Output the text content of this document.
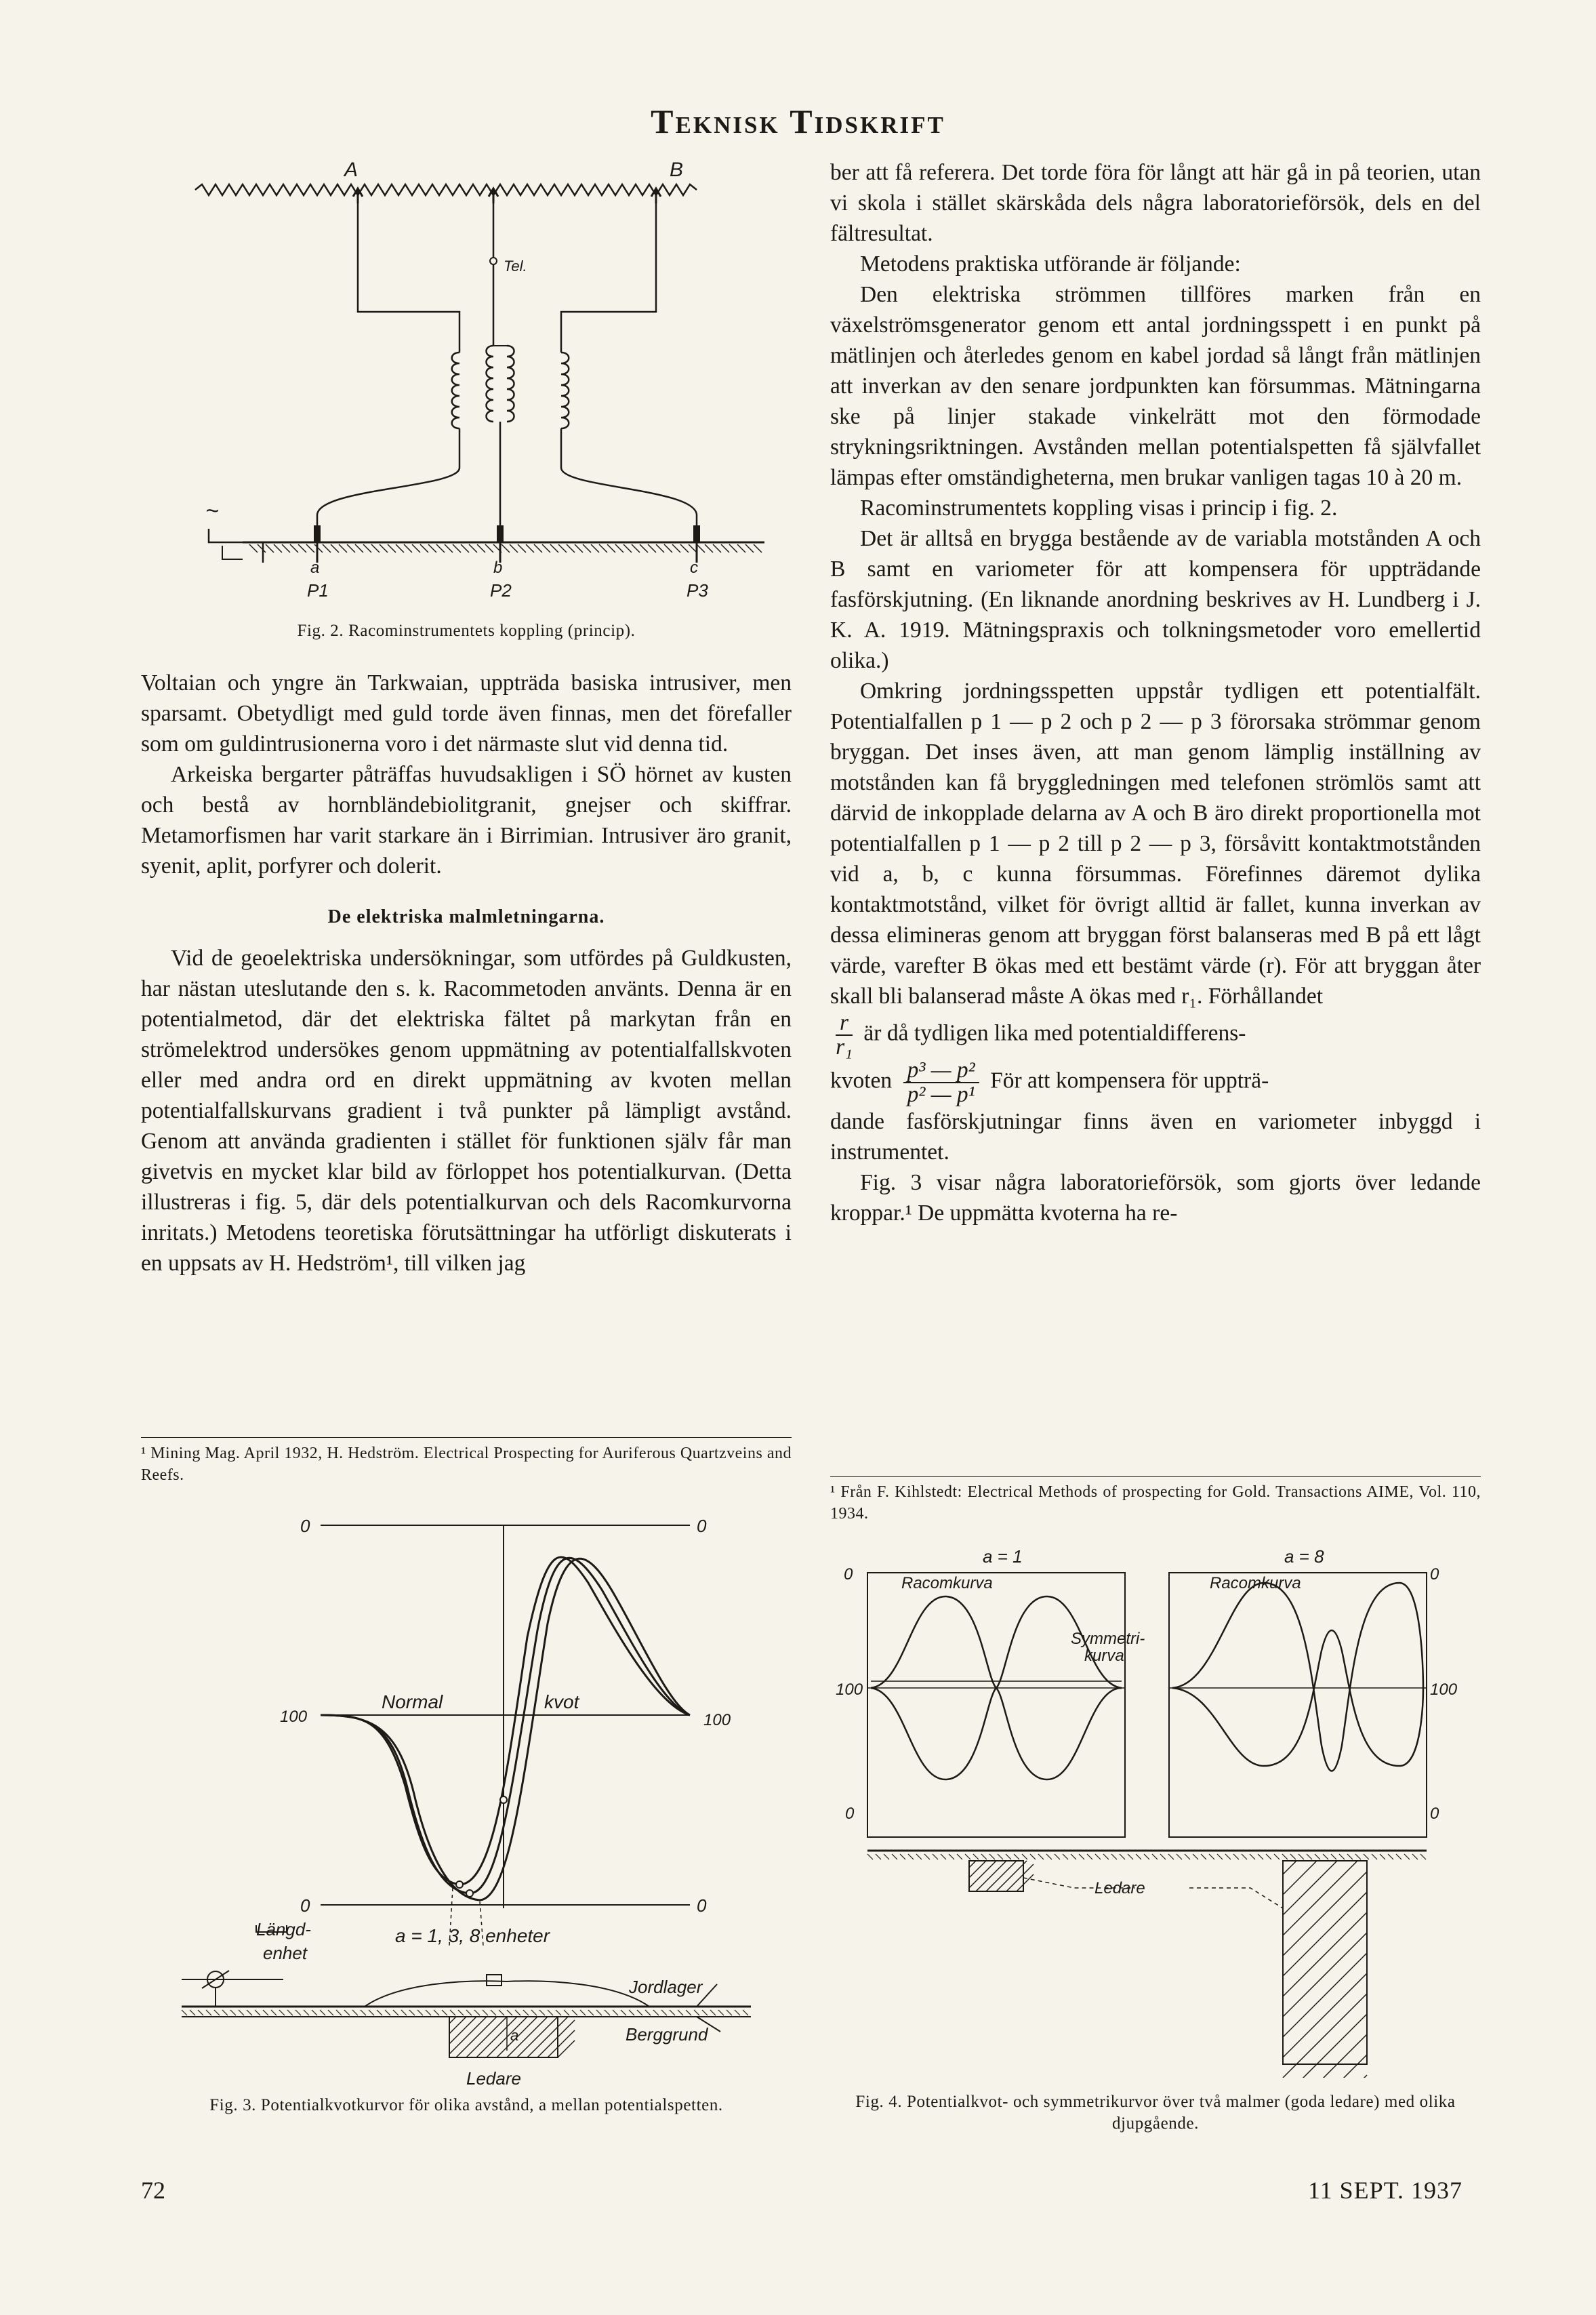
Teknisk Tidskrift
A	B
Tel.
~
a	b	c
P1	P2	P3
Fig. 2. Racominstrumentets koppling (princip).

Voltaian och yngre än Tarkwaian, uppträda basiska intrusiver, men sparsamt. Obetydligt med guld torde även finnas, men det förefaller som om guldintrusionerna voro i det närmaste slut vid denna tid.

Arkeiska bergarter påträffas huvudsakligen i SÖ hörnet av kusten och bestå av hornbländebiolitgranit, gnejser och skiffrar. Metamorfismen har varit starkare än i Birrimian. Intrusiver äro granit, syenit, aplit, porfyrer och dolerit.

De elektriska malmletningarna.

Vid de geoelektriska undersökningar, som utfördes på Guldkusten, har nästan uteslutande den s. k. Racommetoden använts. Denna är en potentialmetod, där det elektriska fältet på markytan från en strömelektrod undersökes genom uppmätning av potentialfallskvoten eller med andra ord en direkt uppmätning av kvoten mellan potentialfallskurvans gradient i två punkter på lämpligt avstånd. Genom att använda gradienten i stället för funktionen själv får man givetvis en mycket klar bild av förloppet hos potentialkurvan. (Detta illustreras i fig. 5, där dels potentialkurvan och dels Racomkurvorna inritats.) Metodens teoretiska förutsättningar ha utförligt diskuterats i en uppsats av H. Hedström¹, till vilken jag

¹ Mining Mag. April 1932, H. Hedström. Electrical Prospecting for Auriferous Quartzveins and Reefs.
0	0
100	100
Normal	kvot
0	0
a = 1, 3, 8 enheter
Längd-
enhet
a
Jordlager
Berggrund
Ledare
Fig. 3. Potentialkvotkurvor för olika avstånd, a mellan potentialspetten.
72

ber att få referera. Det torde föra för långt att här gå in på teorien, utan vi skola i stället skärskåda dels några laboratorieförsök, dels en del fältresultat.

Metodens praktiska utförande är följande:

Den elektriska strömmen tillföres marken från en växelströmsgenerator genom ett antal jordningsspett i en punkt på mätlinjen och återledes genom en kabel jordad så långt från mätlinjen att inverkan av den senare jordpunkten kan försummas. Mätningarna ske på linjer stakade vinkelrätt mot den förmodade strykningsriktningen. Avstånden mellan potentialspetten få självfallet lämpas efter omständigheterna, men brukar vanligen tagas 10 à 20 m.

Racominstrumentets koppling visas i princip i fig. 2.

Det är alltså en brygga bestående av de variabla motstånden A och B samt en variometer för att kompensera för uppträdande fasförskjutning. (En liknande anordning beskrives av H. Lundberg i J. K. A. 1919. Mätningspraxis och tolkningsmetoder voro emellertid olika.)

Omkring jordningsspetten uppstår tydligen ett potentialfält. Potentialfallen p 1 — p 2 och p 2 — p 3 förorsaka strömmar genom bryggan. Det inses även, att man genom lämplig inställning av motstånden kan få bryggledningen med telefonen strömlös samt att därvid de inkopplade delarna av A och B äro direkt proportionella mot potentialfallen p 1 — p 2 till p 2 — p 3, försåvitt kontaktmotstånden vid a, b, c kunna försummas. Förefinnes däremot dylika kontaktmotstånd, vilket för övrigt alltid är fallet, kunna inverkan av dessa elimineras genom att bryggan först balanseras med B på ett lågt värde, varefter B ökas med ett bestämt värde (r). För att bryggan åter skall bli balanserad måste A ökas med r₁. Förhållandet

$\frac{r}{\text{r₁}}$ är då tydligen lika med potentialdifferens-

kvoten $\frac{\text{p³ — p²}}{\text{p² — p¹}}$ För att kompensera för uppträ-

dande fasförskjutningar finns även en variometer inbyggd i instrumentet.

Fig. 3 visar några laboratorieförsök, som gjorts över ledande kroppar.¹ De uppmätta kvoterna ha re-

¹ Från F. Kihlstedt: Electrical Methods of prospecting for Gold. Transactions AIME, Vol. 110, 1934.
a = 1	a = 8
0
100
0
0
100
0
Racomkurva
Symmetri-
kurva
Racomkurva
Ledare
Fig. 4. Potentialkvot- och symmetrikurvor över två malmer (goda ledare) med olika djupgående.
11 SEPT. 1937
